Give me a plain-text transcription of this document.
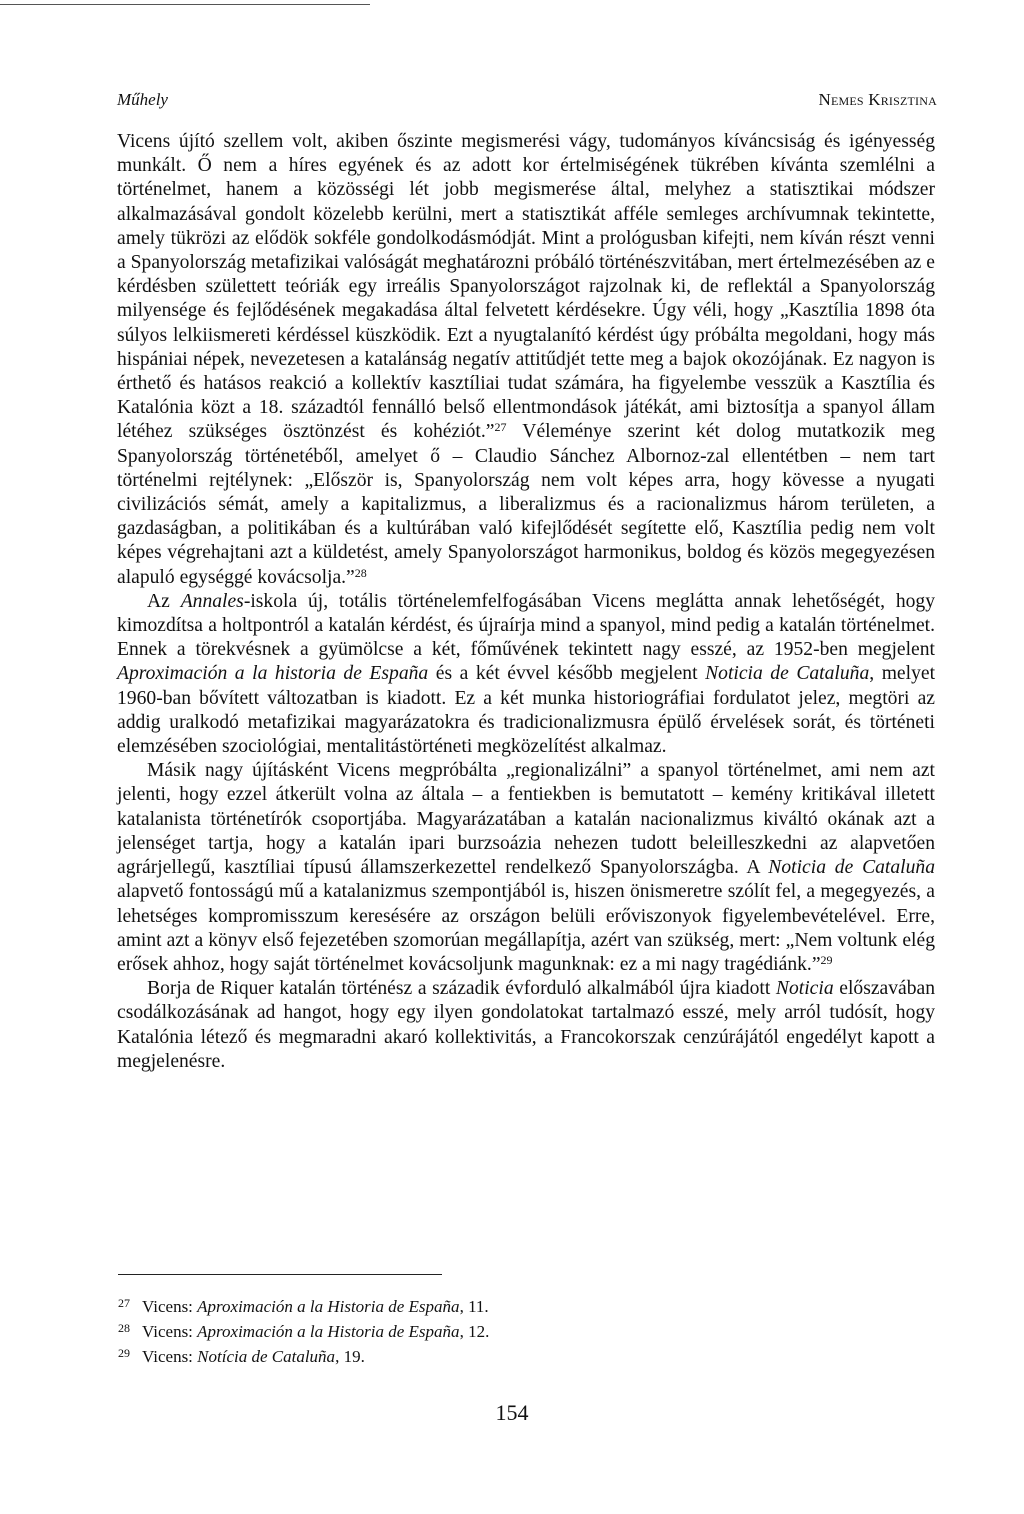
Műhely	Nemes Krisztina

Vicens újító szellem volt, akiben őszinte megismerési vágy, tudományos kíváncsiság és igényesség munkált. Ő nem a híres egyének és az adott kor értelmiségének tükrében kívánta szemlélni a történelmet, hanem a közösségi lét jobb megismerése által, melyhez a statisztikai módszer alkalmazásával gondolt közelebb kerülni, mert a statisztikát afféle semleges archívumnak tekintette, amely tükrözi az elődök sokféle gondolkodásmódját. Mint a prológusban kifejti, nem kíván részt venni a Spanyolország metafizikai valóságát meghatározni próbáló történészvitában, mert értelmezésében az e kérdésben születtett teóriák egy irreális Spanyolországot rajzolnak ki, de reflektál a Spanyolország milyensége és fejlődésének megakadása által felvetett kérdésekre. Úgy véli, hogy „Kasztília 1898 óta súlyos lelkiismereti kérdéssel küszködik. Ezt a nyugtalanító kérdést úgy próbálta megoldani, hogy más hispániai népek, nevezetesen a katalánság negatív attitűdjét tette meg a bajok okozójának. Ez nagyon is érthető és hatásos reakció a kollektív kasztíliai tudat számára, ha figyelembe vesszük a Kasztília és Katalónia közt a 18. századtól fennálló belső ellentmondások játékát, ami biztosítja a spanyol állam létéhez szükséges ösztönzést és kohéziót.”$^{27}$ Véleménye szerint két dolog mutatkozik meg Spanyolország történetéből, amelyet ő – Claudio Sánchez Albornoz-zal ellentétben – nem tart történelmi rejtélynek: „Először is, Spanyolország nem volt képes arra, hogy kövesse a nyugati civilizációs sémát, amely a kapitalizmus, a liberalizmus és a racionalizmus három területen, a gazdaságban, a politikában és a kultúrában való kifejlődését segítette elő, Kasztília pedig nem volt képes végrehajtani azt a küldetést, amely Spanyolországot harmonikus, boldog és közös megegyezésen alapuló egységgé kovácsolja.”$^{28}$

Az Annales-iskola új, totális történelemfelfogásában Vicens meglátta annak lehetőségét, hogy kimozdítsa a holtpontról a katalán kérdést, és újraírja mind a spanyol, mind pedig a katalán történelmet. Ennek a törekvésnek a gyümölcse a két, főművének tekintett nagy esszé, az 1952-ben megjelent Aproximación a la historia de España és a két évvel később megjelent Noticia de Cataluña, melyet 1960-ban bővített változatban is kiadott. Ez a két munka historiográfiai fordulatot jelez, megtöri az addig uralkodó metafizikai magyarázatokra és tradicionalizmusra épülő érvelések sorát, és történeti elemzésében szociológiai, mentalitástörténeti megközelítést alkalmaz.

Másik nagy újításként Vicens megpróbálta „regionalizálni” a spanyol történelmet, ami nem azt jelenti, hogy ezzel átkerült volna az általa – a fentiekben is bemutatott – kemény kritikával illetett katalanista történetírók csoportjába. Magyarázatában a katalán nacionalizmus kiváltó okának azt a jelenséget tartja, hogy a katalán ipari burzsoázia nehezen tudott beleilleszkedni az alapvetően agrárjellegű, kasztíliai típusú államszerkezettel rendelkező Spanyolországba. A Noticia de Cataluña alapvető fontosságú mű a katalanizmus szempontjából is, hiszen önismeretre szólít fel, a megegyezés, a lehetséges kompromisszum keresésére az országon belüli erőviszonyok figyelembevételével. Erre, amint azt a könyv első fejezetében szomorúan megállapítja, azért van szükség, mert: „Nem voltunk elég erősek ahhoz, hogy saját történelmet kovácsoljunk magunknak: ez a mi nagy tragédiánk.”$^{29}$

Borja de Riquer katalán történész a századik évforduló alkalmából újra kiadott Noticia előszavában csodálkozásának ad hangot, hogy egy ilyen gondolatokat tartalmazó esszé, mely arról tudósít, hogy Katalónia létező és megmaradni akaró kollektivitás, a Francokorszak cenzúrájától engedélyt kapott a megjelenésre.

27 Vicens: Aproximación a la Historia de España, 11.
28 Vicens: Aproximación a la Historia de España, 12.
29 Vicens: Notícia de Cataluña, 19.
154
